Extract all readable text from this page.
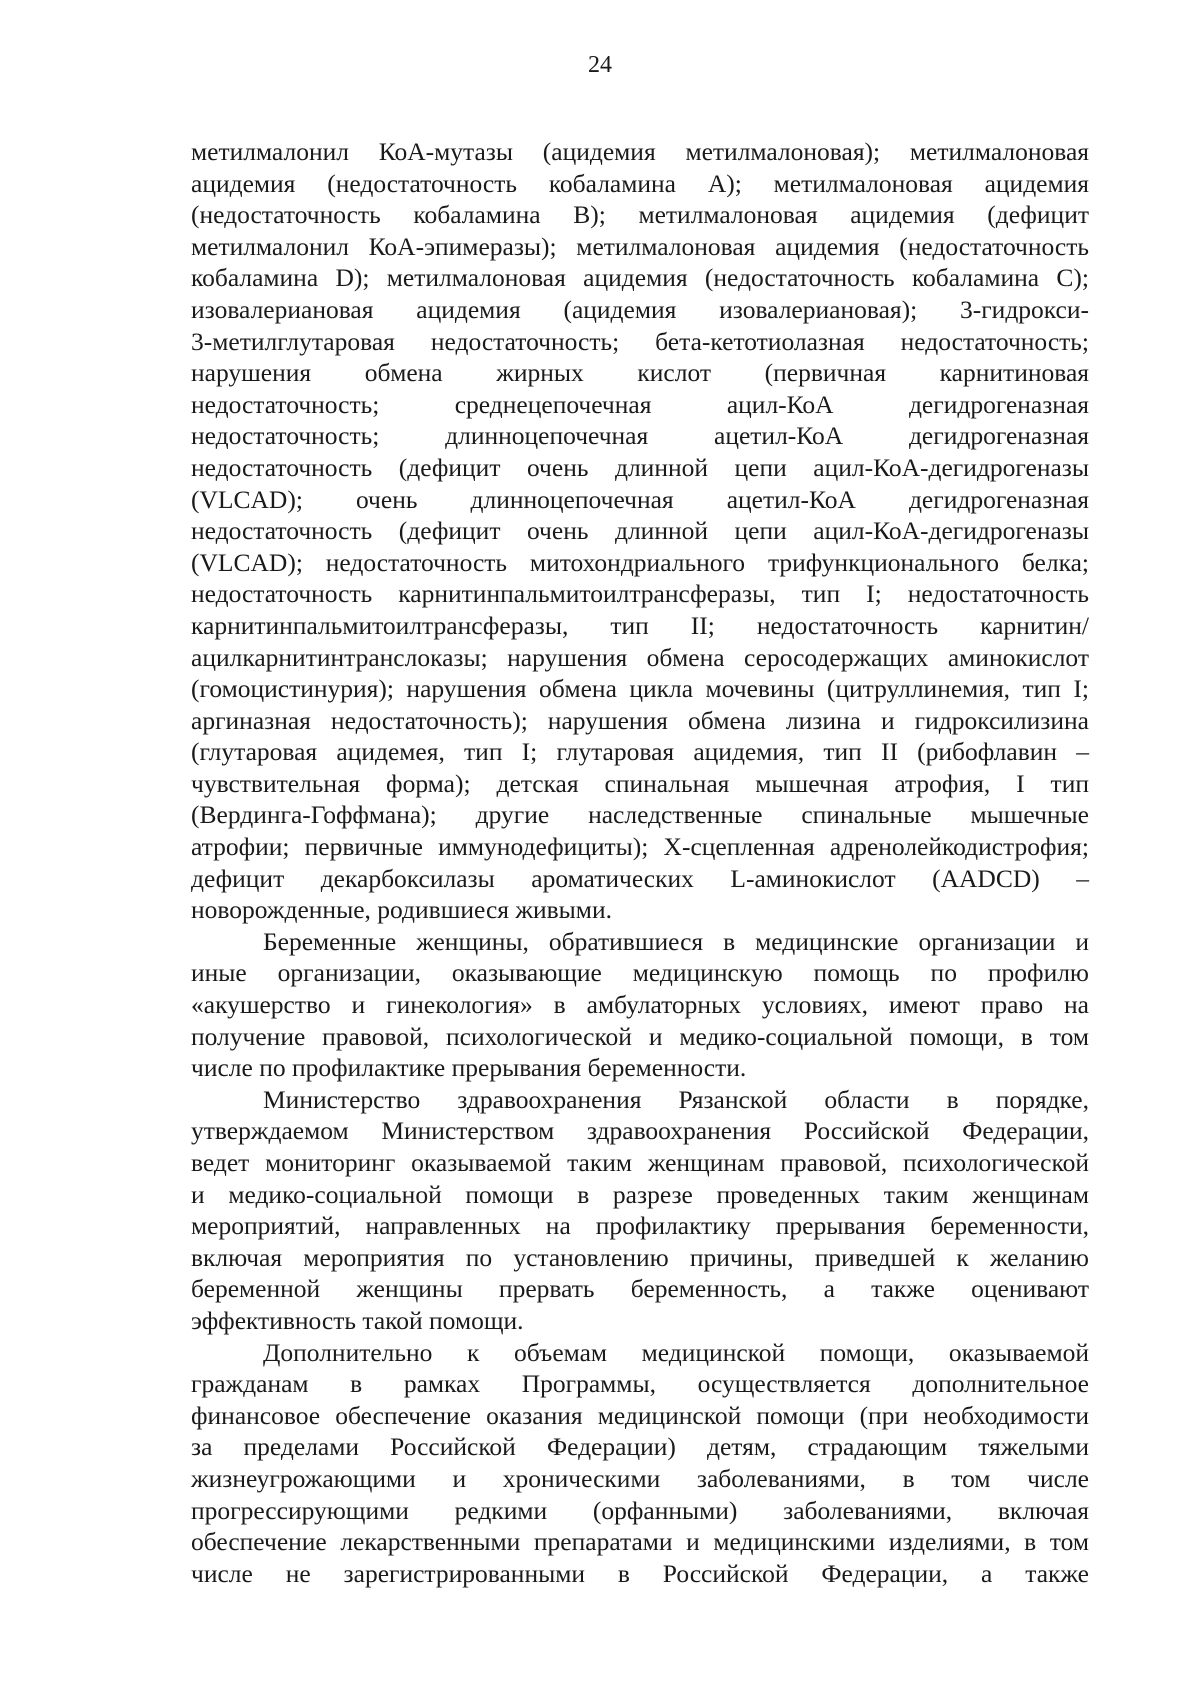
24
метилмалонил КоА-мутазы (ацидемия метилмалоновая); метилмалоновая
ацидемия (недостаточность кобаламина А); метилмалоновая ацидемия
(недостаточность кобаламина В); метилмалоновая ацидемия (дефицит
метилмалонил КоА-эпимеразы); метилмалоновая ацидемия (недостаточность
кобаламина D); метилмалоновая ацидемия (недостаточность кобаламина С);
изовалериановая ацидемия (ацидемия изовалериановая); 3-гидрокси-
3-метилглутаровая недостаточность; бета-кетотиолазная недостаточность;
нарушения обмена жирных кислот (первичная карнитиновая
недостаточность; среднецепочечная ацил-КоА дегидрогеназная
недостаточность; длинноцепочечная ацетил-КоА дегидрогеназная
недостаточность (дефицит очень длинной цепи ацил-КоА-дегидрогеназы
(VLCAD); очень длинноцепочечная ацетил-КоА дегидрогеназная
недостаточность (дефицит очень длинной цепи ацил-КоА-дегидрогеназы
(VLCAD); недостаточность митохондриального трифункционального белка;
недостаточность карнитинпальмитоилтрансферазы, тип I; недостаточность
карнитинпальмитоилтрансферазы, тип II; недостаточность карнитин/
ацилкарнитинтранслоказы; нарушения обмена серосодержащих аминокислот
(гомоцистинурия); нарушения обмена цикла мочевины (цитруллинемия, тип I;
аргиназная недостаточность); нарушения обмена лизина и гидроксилизина
(глутаровая ацидемея, тип I; глутаровая ацидемия, тип II (рибофлавин –
чувствительная форма); детская спинальная мышечная атрофия, I тип
(Вердинга-Гоффмана); другие наследственные спинальные мышечные
атрофии; первичные иммунодефициты); Х-сцепленная адренолейкодистрофия;
дефицит декарбоксилазы ароматических L-аминокислот (AADCD) –
новорожденные, родившиеся живыми.
Беременные женщины, обратившиеся в медицинские организации и
иные организации, оказывающие медицинскую помощь по профилю
«акушерство и гинекология» в амбулаторных условиях, имеют право на
получение правовой, психологической и медико-социальной помощи, в том
числе по профилактике прерывания беременности.
Министерство здравоохранения Рязанской области в порядке,
утверждаемом Министерством здравоохранения Российской Федерации,
ведет мониторинг оказываемой таким женщинам правовой, психологической
и медико-социальной помощи в разрезе проведенных таким женщинам
мероприятий, направленных на профилактику прерывания беременности,
включая мероприятия по установлению причины, приведшей к желанию
беременной женщины прервать беременность, а также оценивают
эффективность такой помощи.
Дополнительно к объемам медицинской помощи, оказываемой
гражданам в рамках Программы, осуществляется дополнительное
финансовое обеспечение оказания медицинской помощи (при необходимости
за пределами Российской Федерации) детям, страдающим тяжелыми
жизнеугрожающими и хроническими заболеваниями, в том числе
прогрессирующими редкими (орфанными) заболеваниями, включая
обеспечение лекарственными препаратами и медицинскими изделиями, в том
числе не зарегистрированными в Российской Федерации, а также
